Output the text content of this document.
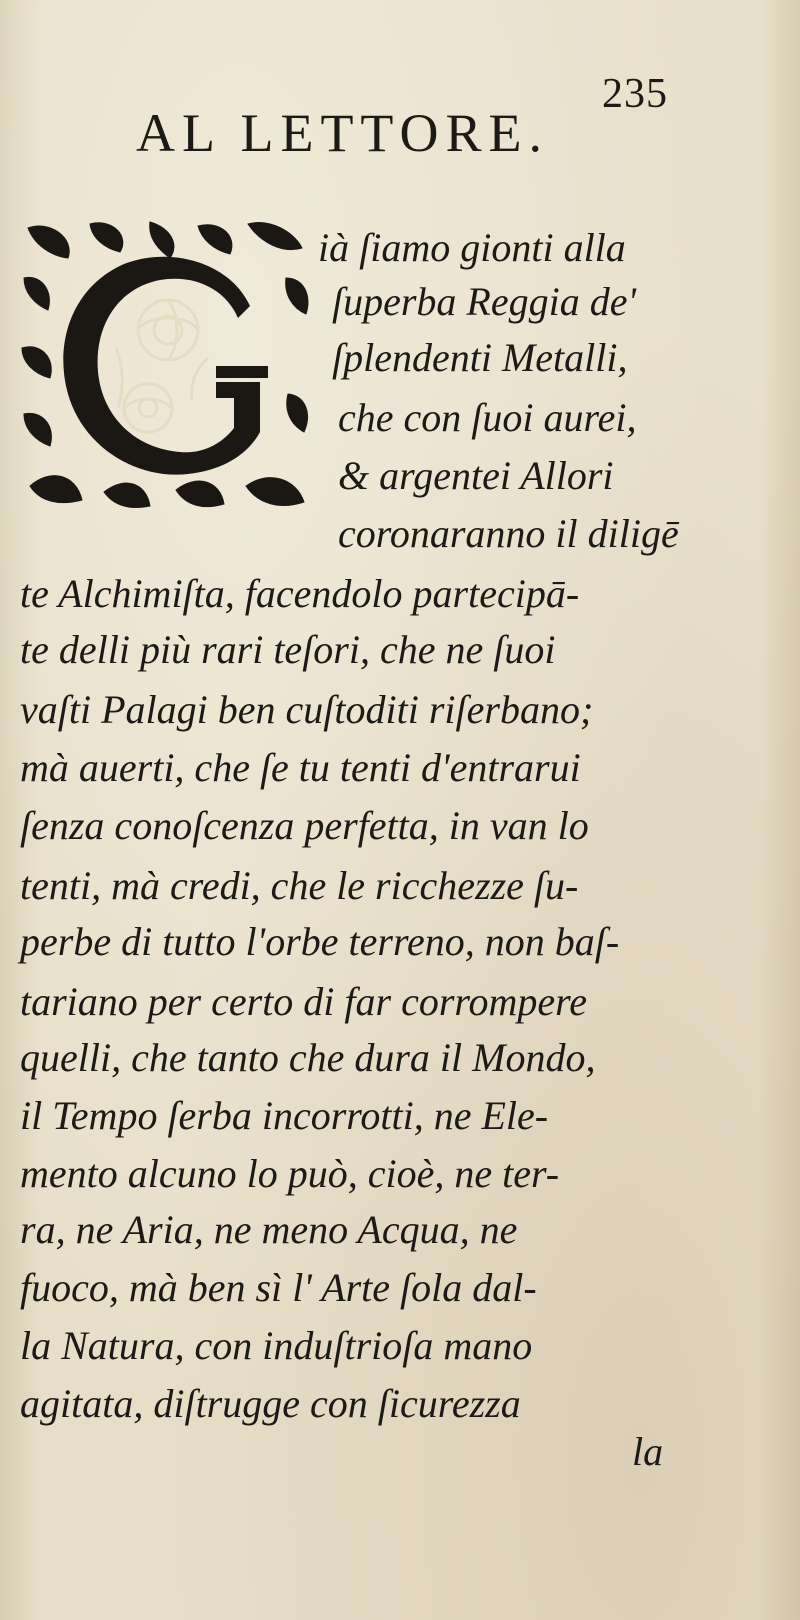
235
AL LETTORE.
ià ſiamo gionti alla
ſuperba Reggia de'
ſplendenti Metalli,
che con ſuoi aurei,
& argentei Allori
coronaranno il diligē
te Alchimiſta, facendolo partecipā-
te delli più rari teſori, che ne ſuoi
vaſti Palagi ben cuſtoditi riſerbano;
mà auerti, che ſe tu tenti d'entrarui
ſenza conoſcenza perfetta, in van lo
tenti, mà credi, che le ricchezze ſu-
perbe di tutto l'orbe terreno, non baſ-
tariano per certo di far corrompere
quelli, che tanto che dura il Mondo,
il Tempo ſerba incorrotti, ne Ele-
mento alcuno lo può, cioè, ne ter-
ra, ne Aria, ne meno Acqua, ne
fuoco, mà ben sì l' Arte ſola dal-
la Natura, con induſtrioſa mano
agitata, diſtrugge con ſicurezza
la
